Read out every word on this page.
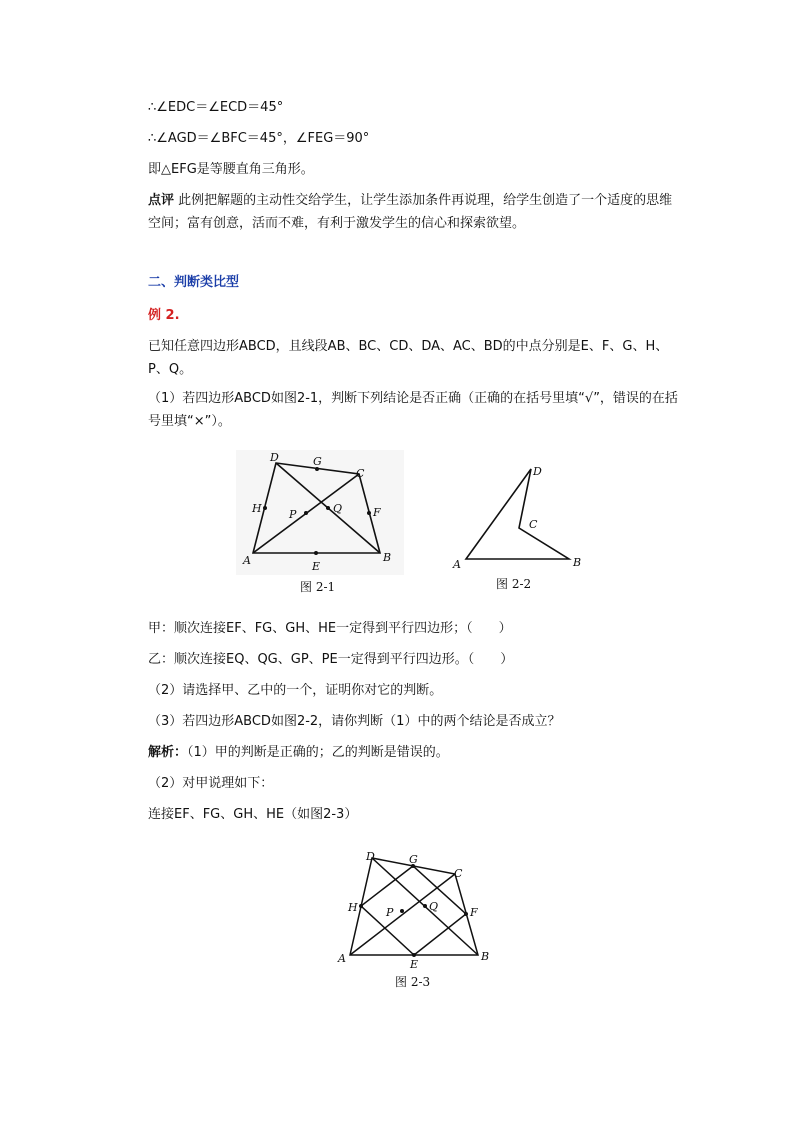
∴∠EDC＝∠ECD＝45°
∴∠AGD＝∠BFC＝45°，∠FEG＝90°
即△EFG是等腰直角三角形。
点评 此例把解题的主动性交给学生，让学生添加条件再说理，给学生创造了一个适度的思维空间；富有创意，活而不难，有利于激发学生的信心和探索欲望。
二、判断类比型
例 2.
已知任意四边形ABCD，且线段AB、BC、CD、DA、AC、BD的中点分别是E、F、G、H、P、Q。
（1）若四边形ABCD如图2-1，判断下列结论是否正确（正确的在括号里填“√”，错误的在括号里填“×”）。
A	B
C
D
E
F
G
H P	Q
图 2-1
A	B
C
D
图 2-2
甲：顺次连接EF、FG、GH、HE一定得到平行四边形；（　　）
乙：顺次连接EQ、QG、GP、PE一定得到平行四边形。（　　）
（2）请选择甲、乙中的一个，证明你对它的判断。
（3）若四边形ABCD如图2-2，请你判断（1）中的两个结论是否成立？
解析：（1）甲的判断是正确的；乙的判断是错误的。
（2）对甲说理如下：
连接EF、FG、GH、HE（如图2-3）
A	B
C
D
E
F
G
H	P	Q
图 2-3
